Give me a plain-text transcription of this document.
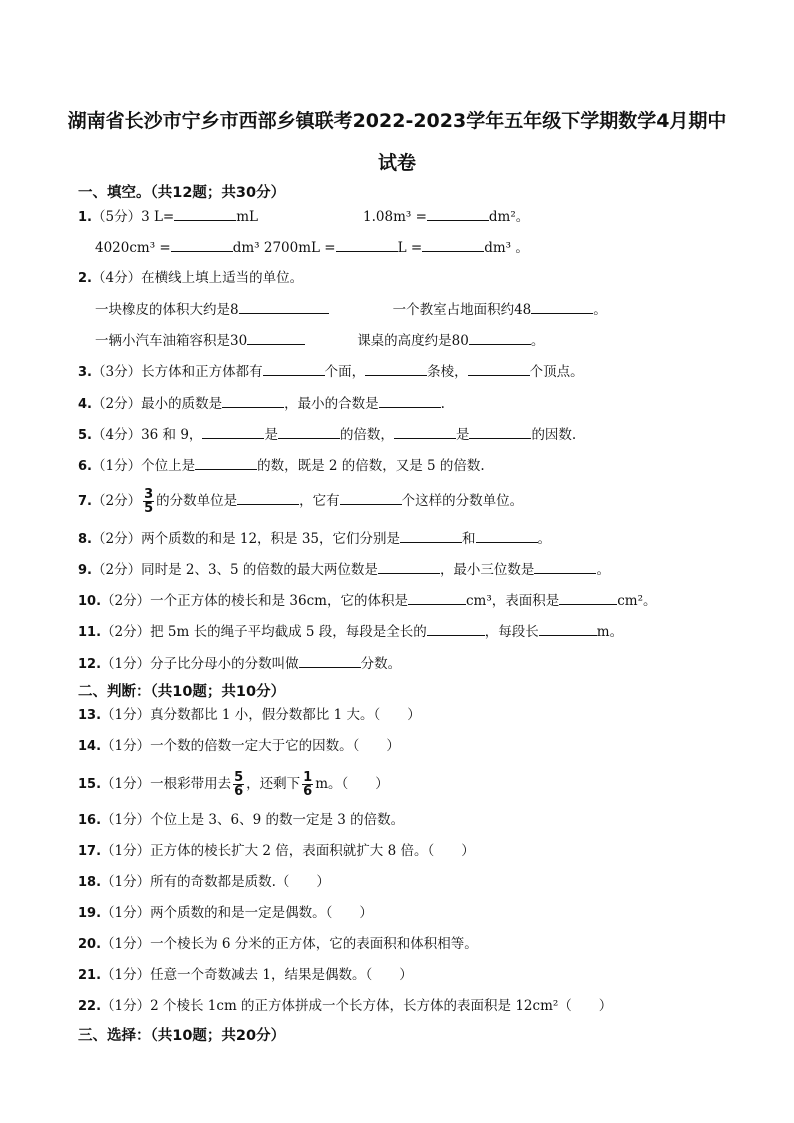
湖南省长沙市宁乡市西部乡镇联考2022-2023学年五年级下学期数学4月期中
试卷
一、填空。（共12题；共30分）
1.（5分）3 L=	mL	1.08m³ =	dm²。
4020cm³ =	dm³ 2700mL =	L =	dm³ 。
2.（4分）在横线上填上适当的单位。
一块橡皮的体积大约是8	一个教室占地面积约48	。
一辆小汽车油箱容积是30	课桌的高度约是80	。
3.（3分）长方体和正方体都有	个面，	条棱，	个顶点。
4.（2分）最小的质数是	，最小的合数是	.
5.（4分）36 和 9，	是	的倍数，	是	的因数.
6.（1分）个位上是	的数，既是 2 的倍数，又是 5 的倍数.
7.（2分） $\frac{3}{5}$ 的分数单位是	，它有	个这样的分数单位。
8.（2分）两个质数的和是 12，积是 35，它们分别是	和	。
9.（2分）同时是 2、3、5 的倍数的最大两位数是	，最小三位数是	。
10.（2分）一个正方体的棱长和是 36cm，它的体积是	cm³，表面积是	cm²。
11.（2分）把 5m 长的绳子平均截成 5 段，每段是全长的	，每段长	m。
12.（1分）分子比分母小的分数叫做	分数。
二、判断：（共10题；共10分）
13.（1分）真分数都比 1 小，假分数都比 1 大。（　　）
14.（1分）一个数的倍数一定大于它的因数。（　　）
15.（1分）一根彩带用去 $\frac{5}{6}$ ，还剩下 $\frac{1}{6}$ m。（　　）
16.（1分）个位上是 3、6、9 的数一定是 3 的倍数。
17.（1分）正方体的棱长扩大 2 倍，表面积就扩大 8 倍。（　　）
18.（1分）所有的奇数都是质数.（　　）
19.（1分）两个质数的和是一定是偶数。（　　）
20.（1分）一个棱长为 6 分米的正方体，它的表面积和体积相等。
21.（1分）任意一个奇数减去 1，结果是偶数。（　　）
22.（1分）2 个棱长 1cm 的正方体拼成一个长方体，长方体的表面积是 12cm²（　　）
三、选择：（共10题；共20分）
